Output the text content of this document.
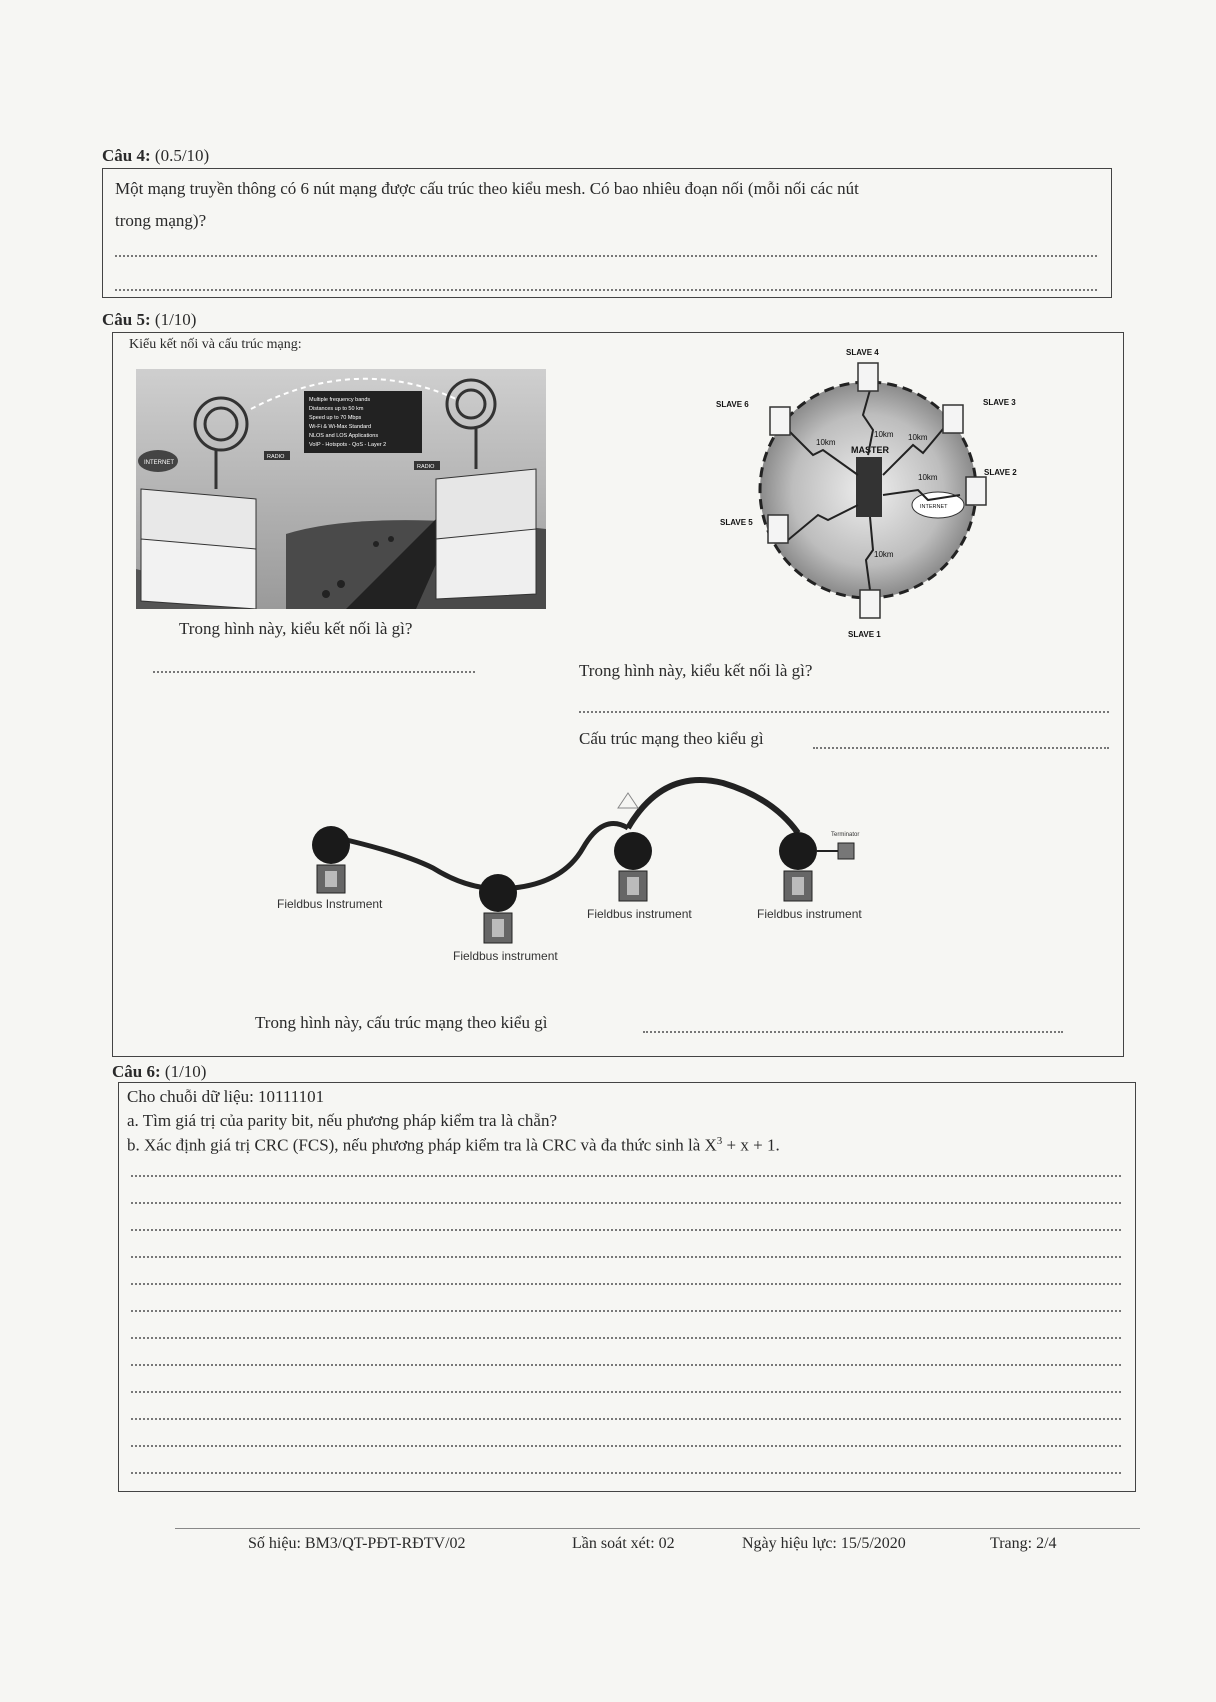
Câu 4: (0.5/10)
Một mạng truyền thông có 6 nút mạng được cấu trúc theo kiểu mesh. Có bao nhiêu đoạn nối (mỗi nối các nút
trong mạng)?
Câu 5: (1/10)
Kiểu kết nối và cấu trúc mạng:
Multiple frequency bands
Distances up to 50 km
Speed up to 70 Mbps
Wi-Fi & Wi-Max Standard
NLOS and LOS Applications
VoIP - Hotspots - QoS - Layer 2
INTERNET
RADIO
RADIO
MASTER
INTERNET
10km 10km
10km
10km
10km
SLAVE 4
SLAVE 3
SLAVE 2
SLAVE 1
SLAVE 5
SLAVE 6
Trong hình này, kiểu kết nối là gì?
Trong hình này, kiểu kết nối là gì?
Cấu trúc mạng theo kiểu gì
Terminator
Fieldbus Instrument
Fieldbus instrument
Fieldbus instrument	Fieldbus instrument
Trong hình này, cấu trúc mạng theo kiểu gì
Câu 6: (1/10)
Cho chuỗi dữ liệu: 10111101
a. Tìm giá trị của parity bit, nếu phương pháp kiểm tra là chẵn?
b. Xác định giá trị CRC (FCS), nếu phương pháp kiểm tra là CRC và đa thức sinh là $X^3 + x + 1$.
Số hiệu: BM3/QT-PĐT-RĐTV/02	Lần soát xét: 02	Ngày hiệu lực: 15/5/2020	Trang: 2/4
